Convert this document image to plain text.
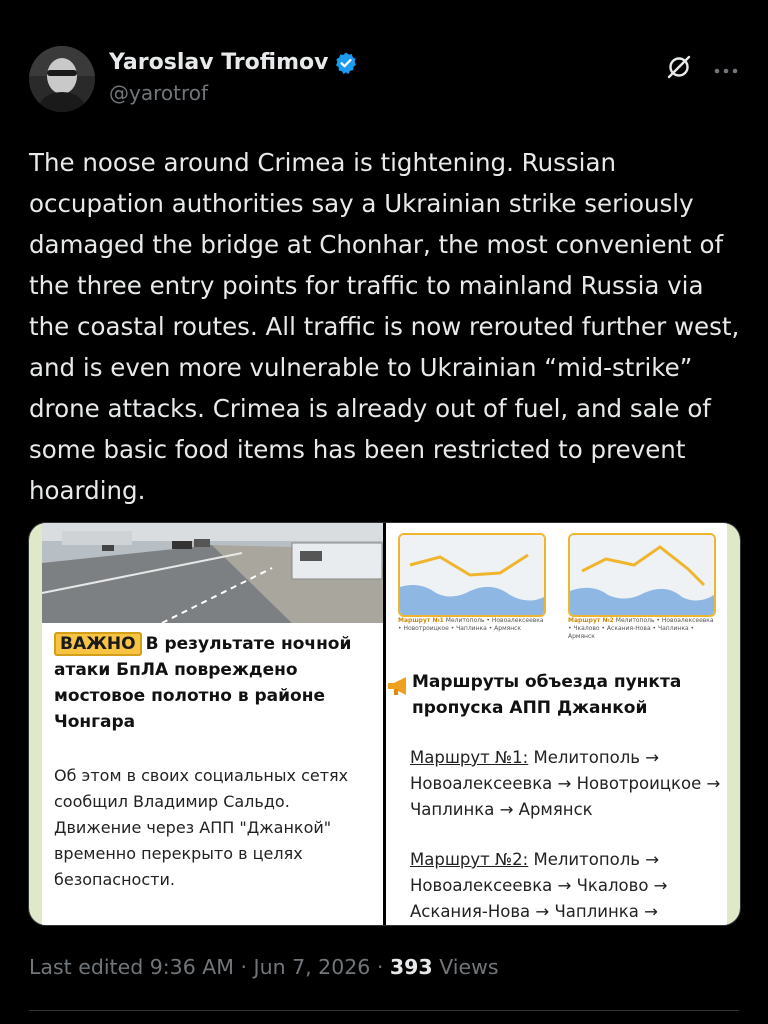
Yaroslav Trofimov
@yarotrof
The noose around Crimea is tightening. Russian occupation authorities say a Ukrainian strike seriously damaged the bridge at Chonhar, the most convenient of the three entry points for traffic to mainland Russia via the coastal routes. All traffic is now rerouted further west, and is even more vulnerable to Ukrainian “mid-strike” drone attacks. Crimea is already out of fuel, and sale of some basic food items has been restricted to prevent hoarding.
ВАЖНО В результате ночной атаки БпЛА повреждено мостовое полотно в районе Чонгара
Об этом в своих социальных сетях сообщил Владимир Сальдо. Движение через АПП "Джанкой" временно перекрыто в целях безопасности.
Маршрут №1 Мелитополь • Новоалексеевка • Новотроицкое • Чаплинка • Армянск
Маршрут №2 Мелитополь • Новоалексеевка • Чкалово • Аскания-Нова • Чаплинка • Армянск
Маршруты объезда пункта пропуска АПП Джанкой
Маршрут №1: Мелитополь → Новоалексеевка → Новотроицкое → Чаплинка → Армянск
Маршрут №2: Мелитополь → Новоалексеевка → Чкалово → Аскания-Нова → Чаплинка →
Last edited 9:36 AM · Jun 7, 2026 · 393 Views
